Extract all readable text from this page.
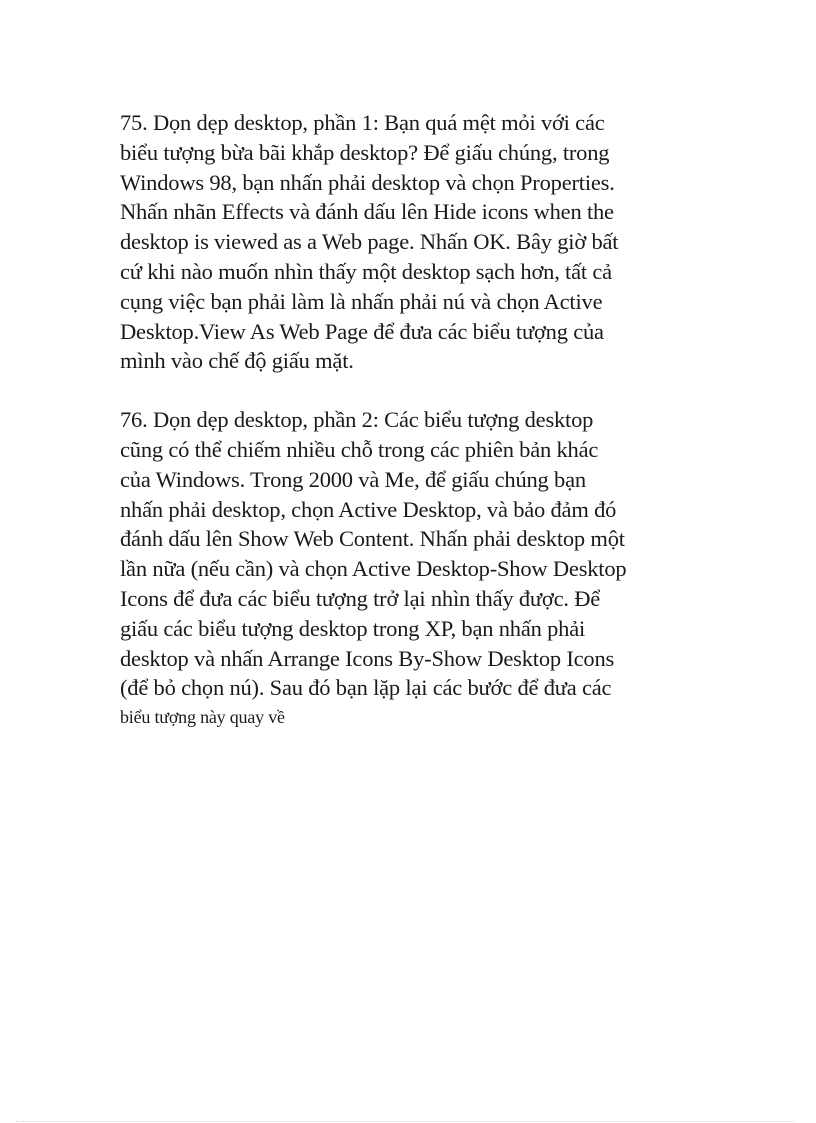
75. Dọn dẹp desktop, phần 1: Bạn quá mệt mỏi với các
biểu tượng bừa bãi khắp desktop? Để giấu chúng, trong
Windows 98, bạn nhấn phải desktop và chọn Properties.
Nhấn nhãn Effects và đánh dấu lên Hide icons when the
desktop is viewed as a Web page. Nhấn OK. Bây giờ bất
cứ khi nào muốn nhìn thấy một desktop sạch hơn, tất cả
cụng việc bạn phải làm là nhấn phải nú và chọn Active
Desktop.View As Web Page để đưa các biểu tượng của
mình vào chế độ giấu mặt.

76. Dọn dẹp desktop, phần 2: Các biểu tượng desktop
cũng có thể chiếm nhiều chỗ trong các phiên bản khác
của Windows. Trong 2000 và Me, để giấu chúng bạn
nhấn phải desktop, chọn Active Desktop, và bảo đảm đó
đánh dấu lên Show Web Content. Nhấn phải desktop một
lần nữa (nếu cần) và chọn Active Desktop-Show Desktop
Icons để đưa các biểu tượng trở lại nhìn thấy được. Để
giấu các biểu tượng desktop trong XP, bạn nhấn phải
desktop và nhấn Arrange Icons By-Show Desktop Icons
(để bỏ chọn nú). Sau đó bạn lặp lại các bước để đưa các
biểu tượng này quay về
